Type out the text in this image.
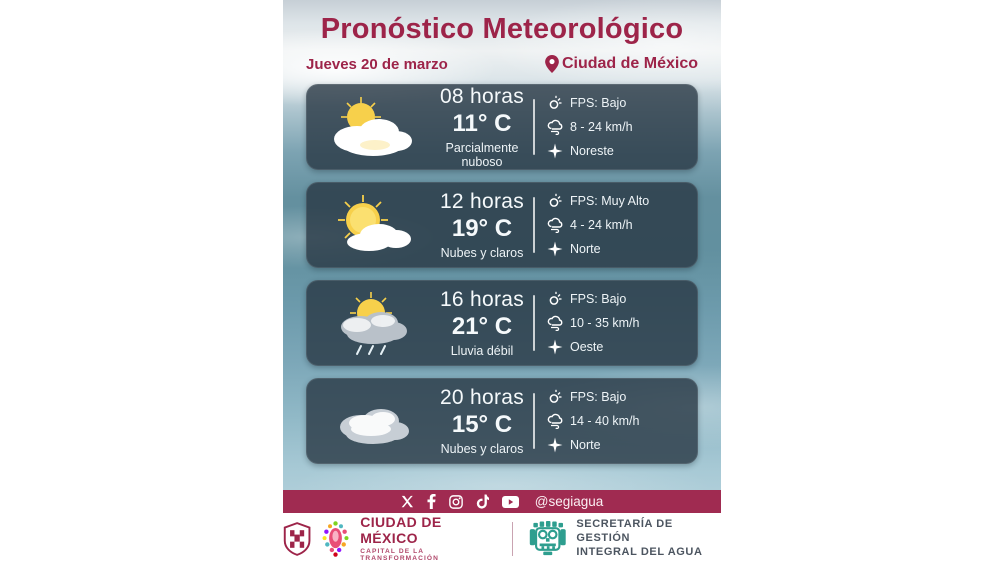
Pronóstico Meteorológico
Jueves 20 de marzo	Ciudad de México
08 horas
11° C
Parcialmente nuboso
FPS: Bajo
8 - 24 km/h
Noreste
12 horas
19° C
Nubes y claros
FPS: Muy Alto
4 - 24 km/h
Norte
16 horas
21° C
Lluvia débil
FPS: Bajo
10 - 35 km/h
Oeste
20 horas
15° C
Nubes y claros
FPS: Bajo
14 - 40 km/h
Norte
@segiagua
CIUDAD DE MÉXICO
CAPITAL DE LA TRANSFORMACIÓN
SECRETARÍA DE GESTIÓN
INTEGRAL DEL AGUA
